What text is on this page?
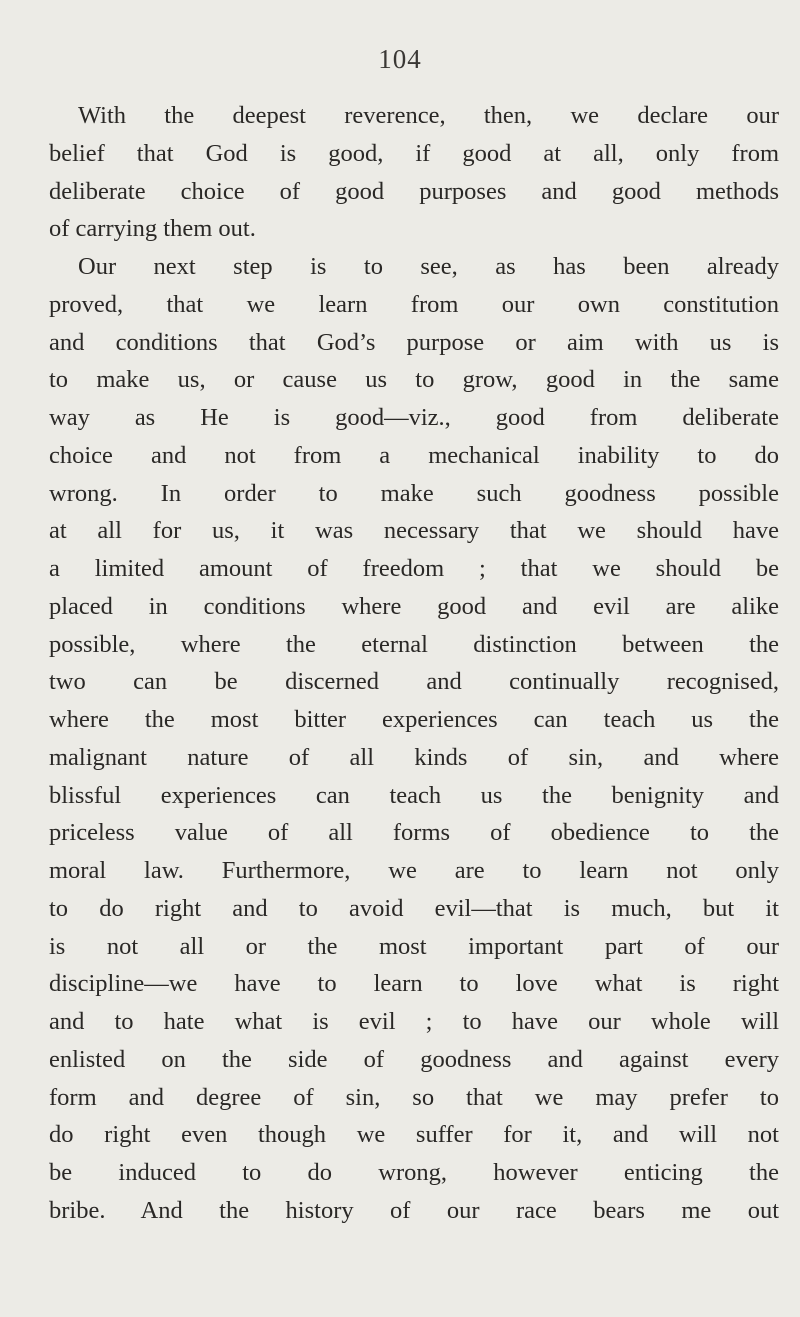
104
With the deepest reverence, then, we declare our
belief that God is good, if good at all, only from
deliberate choice of good purposes and good methods
of carrying them out.
Our next step is to see, as has been already
proved, that we learn from our own constitution
and conditions that God’s purpose or aim with us is
to make us, or cause us to grow, good in the same
way as He is good—viz., good from deliberate
choice and not from a mechanical inability to do
wrong. In order to make such goodness possible
at all for us, it was necessary that we should have
a limited amount of freedom ; that we should be
placed in conditions where good and evil are alike
possible, where the eternal distinction between the
two can be discerned and continually recognised,
where the most bitter experiences can teach us the
malignant nature of all kinds of sin, and where
blissful experiences can teach us the benignity and
priceless value of all forms of obedience to the
moral law. Furthermore, we are to learn not only
to do right and to avoid evil—that is much, but it
is not all or the most important part of our
discipline—we have to learn to love what is right
and to hate what is evil ; to have our whole will
enlisted on the side of goodness and against every
form and degree of sin, so that we may prefer to
do right even though we suffer for it, and will not
be induced to do wrong, however enticing the
bribe. And the history of our race bears me out
